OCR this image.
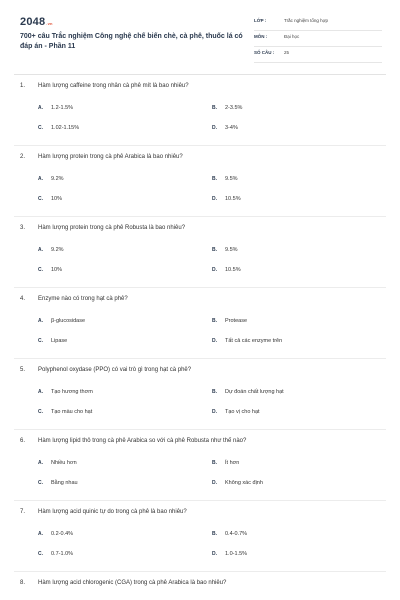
2048.vn
700+ câu Trắc nghiệm Công nghệ chế biến chè, cà phê, thuốc lá có đáp án - Phần 11
LỚP :	Trắc nghiệm tổng hợp
MÔN :	Đại học
SỐ CÂU : 25
1. Hàm lượng caffeine trong nhân cà phê mít là bao nhiêu?
A. 1.2-1.5%	B. 2-3.5%
C. 1.02-1.15%	D. 3-4%
2. Hàm lượng protein trong cà phê Arabica là bao nhiêu?
A. 9.2%	B. 9.5%
C. 10%	D. 10.5%
3. Hàm lượng protein trong cà phê Robusta là bao nhiêu?
A. 9.2%	B. 9.5%
C. 10%	D. 10.5%
4. Enzyme nào có trong hạt cà phê?
A. β-glucosidase	B. Protease
C. Lipase	D. Tất cả các enzyme trên
5. Polyphenol oxydase (PPO) có vai trò gì trong hạt cà phê?
A. Tạo hương thơm	B. Dự đoán chất lượng hạt
C. Tạo màu cho hạt	D. Tạo vị cho hạt
6. Hàm lượng lipid thô trong cà phê Arabica so với cà phê Robusta như thế nào?
A. Nhiều hơn	B. Ít hơn
C. Bằng nhau	D. Không xác định
7. Hàm lượng acid quinic tự do trong cà phê là bao nhiêu?
A. 0.2-0.4%	B. 0.4-0.7%
C. 0.7-1.0%	D. 1.0-1.5%
8. Hàm lượng acid chlorogenic (CGA) trong cà phê Arabica là bao nhiêu?
